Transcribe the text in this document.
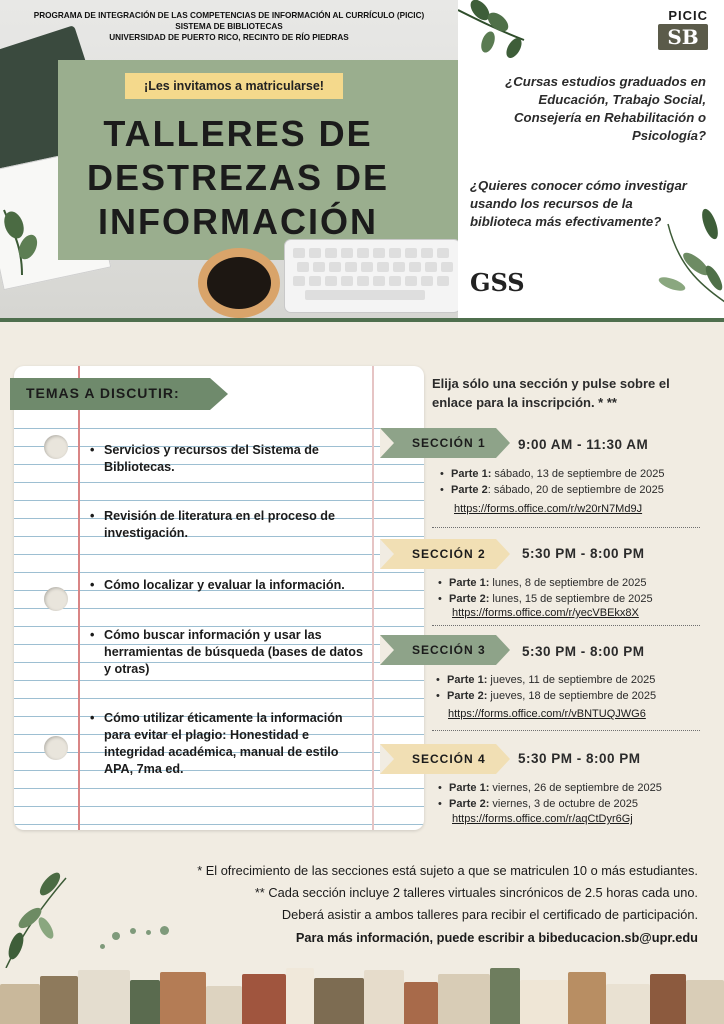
PROGRAMA DE INTEGRACIÓN DE LAS COMPETENCIAS DE INFORMACIÓN AL CURRÍCULO (PICIC)
SISTEMA DE BIBLIOTECAS
UNIVERSIDAD DE PUERTO RICO, RECINTO DE RÍO PIEDRAS
¡Les invitamos a matricularse!
TALLERES DE
DESTREZAS DE
INFORMACIÓN
PICIC
SB
¿Cursas estudios graduados en Educación, Trabajo Social, Consejería en Rehabilitación o Psicología?
¿Quieres conocer cómo investigar usando los recursos de la biblioteca más efectivamente?
GSS
TEMAS A DISCUTIR:
• Servicios y recursos del Sistema de Bibliotecas.
• Revisión de literatura en el proceso de investigación.
• Cómo localizar y evaluar la información.
• Cómo buscar información y usar las herramientas de búsqueda (bases de datos y otras)
• Cómo utilizar éticamente la información para evitar el plagio: Honestidad e integridad académica, manual de estilo APA, 7ma ed.
Elija sólo una sección y pulse sobre el enlace para la inscripción. * **
SECCIÓN 1	9:00 AM - 11:30 AM
• Parte 1: sábado, 13 de septiembre de 2025
• Parte 2: sábado, 20 de septiembre de 2025
https://forms.office.com/r/w20rN7Md9J
SECCIÓN 2	5:30 PM - 8:00 PM
• Parte 1: lunes, 8 de septiembre de 2025
• Parte 2: lunes, 15 de septiembre de 2025
https://forms.office.com/r/yecVBEkx8X
SECCIÓN 3	5:30 PM - 8:00 PM
• Parte 1: jueves, 11 de septiembre de 2025
• Parte 2: jueves, 18 de septiembre de 2025
https://forms.office.com/r/vBNTUQJWG6
SECCIÓN 4	5:30 PM - 8:00 PM
• Parte 1: viernes, 26 de septiembre de 2025
• Parte 2: viernes, 3 de octubre de 2025
https://forms.office.com/r/aqCtDyr6Gj
* El ofrecimiento de las secciones está sujeto a que se matriculen 10 o más estudiantes.
** Cada sección incluye 2 talleres virtuales sincrónicos de 2.5 horas cada uno.
Deberá asistir a ambos talleres para recibir el certificado de participación.
Para más información, puede escribir a bibeducacion.sb@upr.edu
